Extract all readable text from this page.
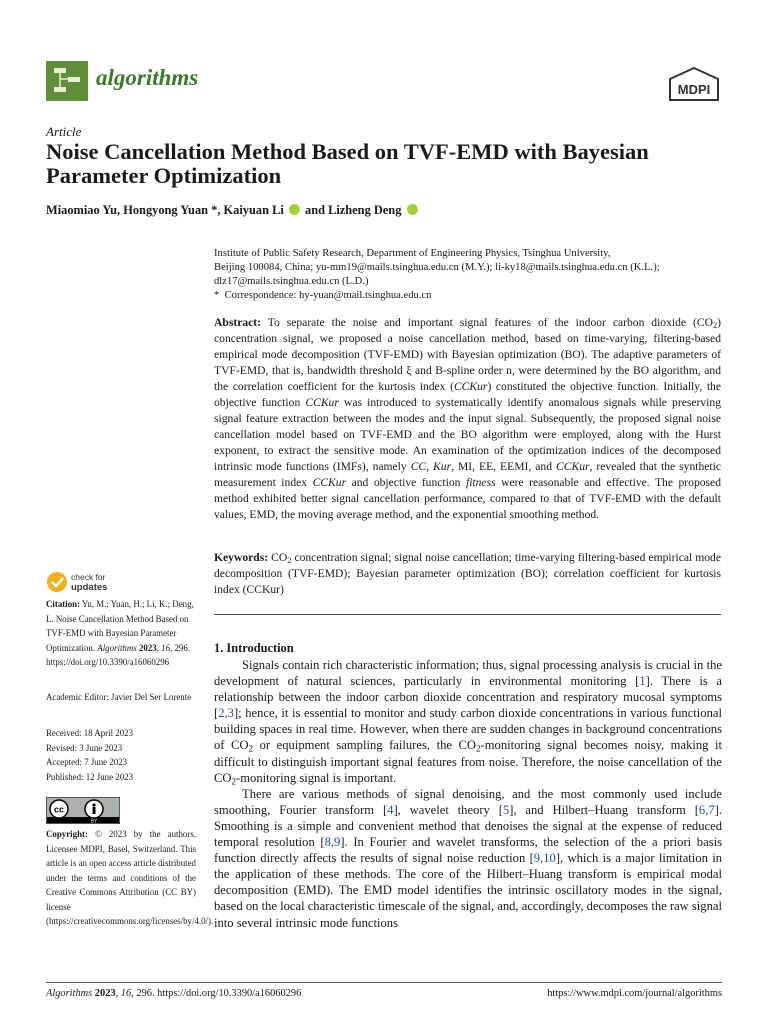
algorithms	MDPI
Article
Noise Cancellation Method Based on TVF-EMD with Bayesian Parameter Optimization
Miaomiao Yu, Hongyong Yuan *, Kaiyuan Li and Lizheng Deng
Institute of Public Safety Research, Department of Engineering Physics, Tsinghua University,
Beijing 100084, China; yu-mm19@mails.tsinghua.edu.cn (M.Y.); li-ky18@mails.tsinghua.edu.cn (K.L.);
dlz17@mails.tsinghua.edu.cn (L.D.)
*  Correspondence: hy-yuan@mail.tsinghua.edu.cn
Abstract: To separate the noise and important signal features of the indoor carbon dioxide $(CO_2)$ concentration signal, we proposed a noise cancellation method, based on time-varying, filtering-based empirical mode decomposition (TVF-EMD) with Bayesian optimization (BO). The adaptive parameters of TVF-EMD, that is, bandwidth threshold ξ and B-spline order n, were determined by the BO algorithm, and the correlation coefficient for the kurtosis index (CCKur) constituted the objective function. Initially, the objective function CCKur was introduced to systematically identify anomalous signals while preserving signal feature extraction between the modes and the input signal. Subsequently, the proposed signal noise cancellation model based on TVF-EMD and the BO algorithm were employed, along with the Hurst exponent, to extract the sensitive mode. An examination of the optimization indices of the decomposed intrinsic mode functions (IMFs), namely CC, Kur, MI, EE, EEMI, and CCKur, revealed that the synthetic measurement index CCKur and objective function fitness were reasonable and effective. The proposed method exhibited better signal cancellation performance, compared to that of TVF-EMD with the default values, EMD, the moving average method, and the exponential smoothing method.
Keywords: $CO_2$ concentration signal; signal noise cancellation; time-varying filtering-based empirical mode decomposition (TVF-EMD); Bayesian parameter optimization (BO); correlation coefficient for kurtosis index (CCKur)
check for
updates
Citation: Yu, M.; Yuan, H.; Li, K.; Deng, L. Noise Cancellation Method Based on TVF-EMD with Bayesian Parameter Optimization. Algorithms 2023, 16, 296. https://doi.org/10.3390/a16060296
Academic Editor: Javier Del Ser Lorente
Received: 18 April 2023
Revised: 3 June 2023
Accepted: 7 June 2023
Published: 12 June 2023
cc
BY
Copyright: © 2023 by the authors. Licensee MDPI, Basel, Switzerland. This article is an open access article distributed under the terms and conditions of the Creative Commons Attribution (CC BY) license (https://creativecommons.org/licenses/by/4.0/).
1. Introduction

Signals contain rich characteristic information; thus, signal processing analysis is crucial in the development of natural sciences, particularly in environmental monitoring [1]. There is a relationship between the indoor carbon dioxide concentration and respiratory mucosal symptoms [2,3]; hence, it is essential to monitor and study carbon dioxide concentrations in various functional building spaces in real time. However, when there are sudden changes in background concentrations of $CO_2$ or equipment sampling failures, the $CO_2$-monitoring signal becomes noisy, making it difficult to distinguish important signal features from noise. Therefore, the noise cancellation of the $CO_2$-monitoring signal is important.

There are various methods of signal denoising, and the most commonly used include smoothing, Fourier transform [4], wavelet theory [5], and Hilbert–Huang transform [6,7]. Smoothing is a simple and convenient method that denoises the signal at the expense of reduced temporal resolution [8,9]. In Fourier and wavelet transforms, the selection of the a priori basis function directly affects the results of signal noise reduction [9,10], which is a major limitation in the application of these methods. The core of the Hilbert–Huang transform is empirical modal decomposition (EMD). The EMD model identifies the intrinsic oscillatory modes in the signal, based on the local characteristic timescale of the signal, and, accordingly, decomposes the raw signal into several intrinsic mode functions

Algorithms 2023, 16, 296. https://doi.org/10.3390/a16060296	https://www.mdpi.com/journal/algorithms
